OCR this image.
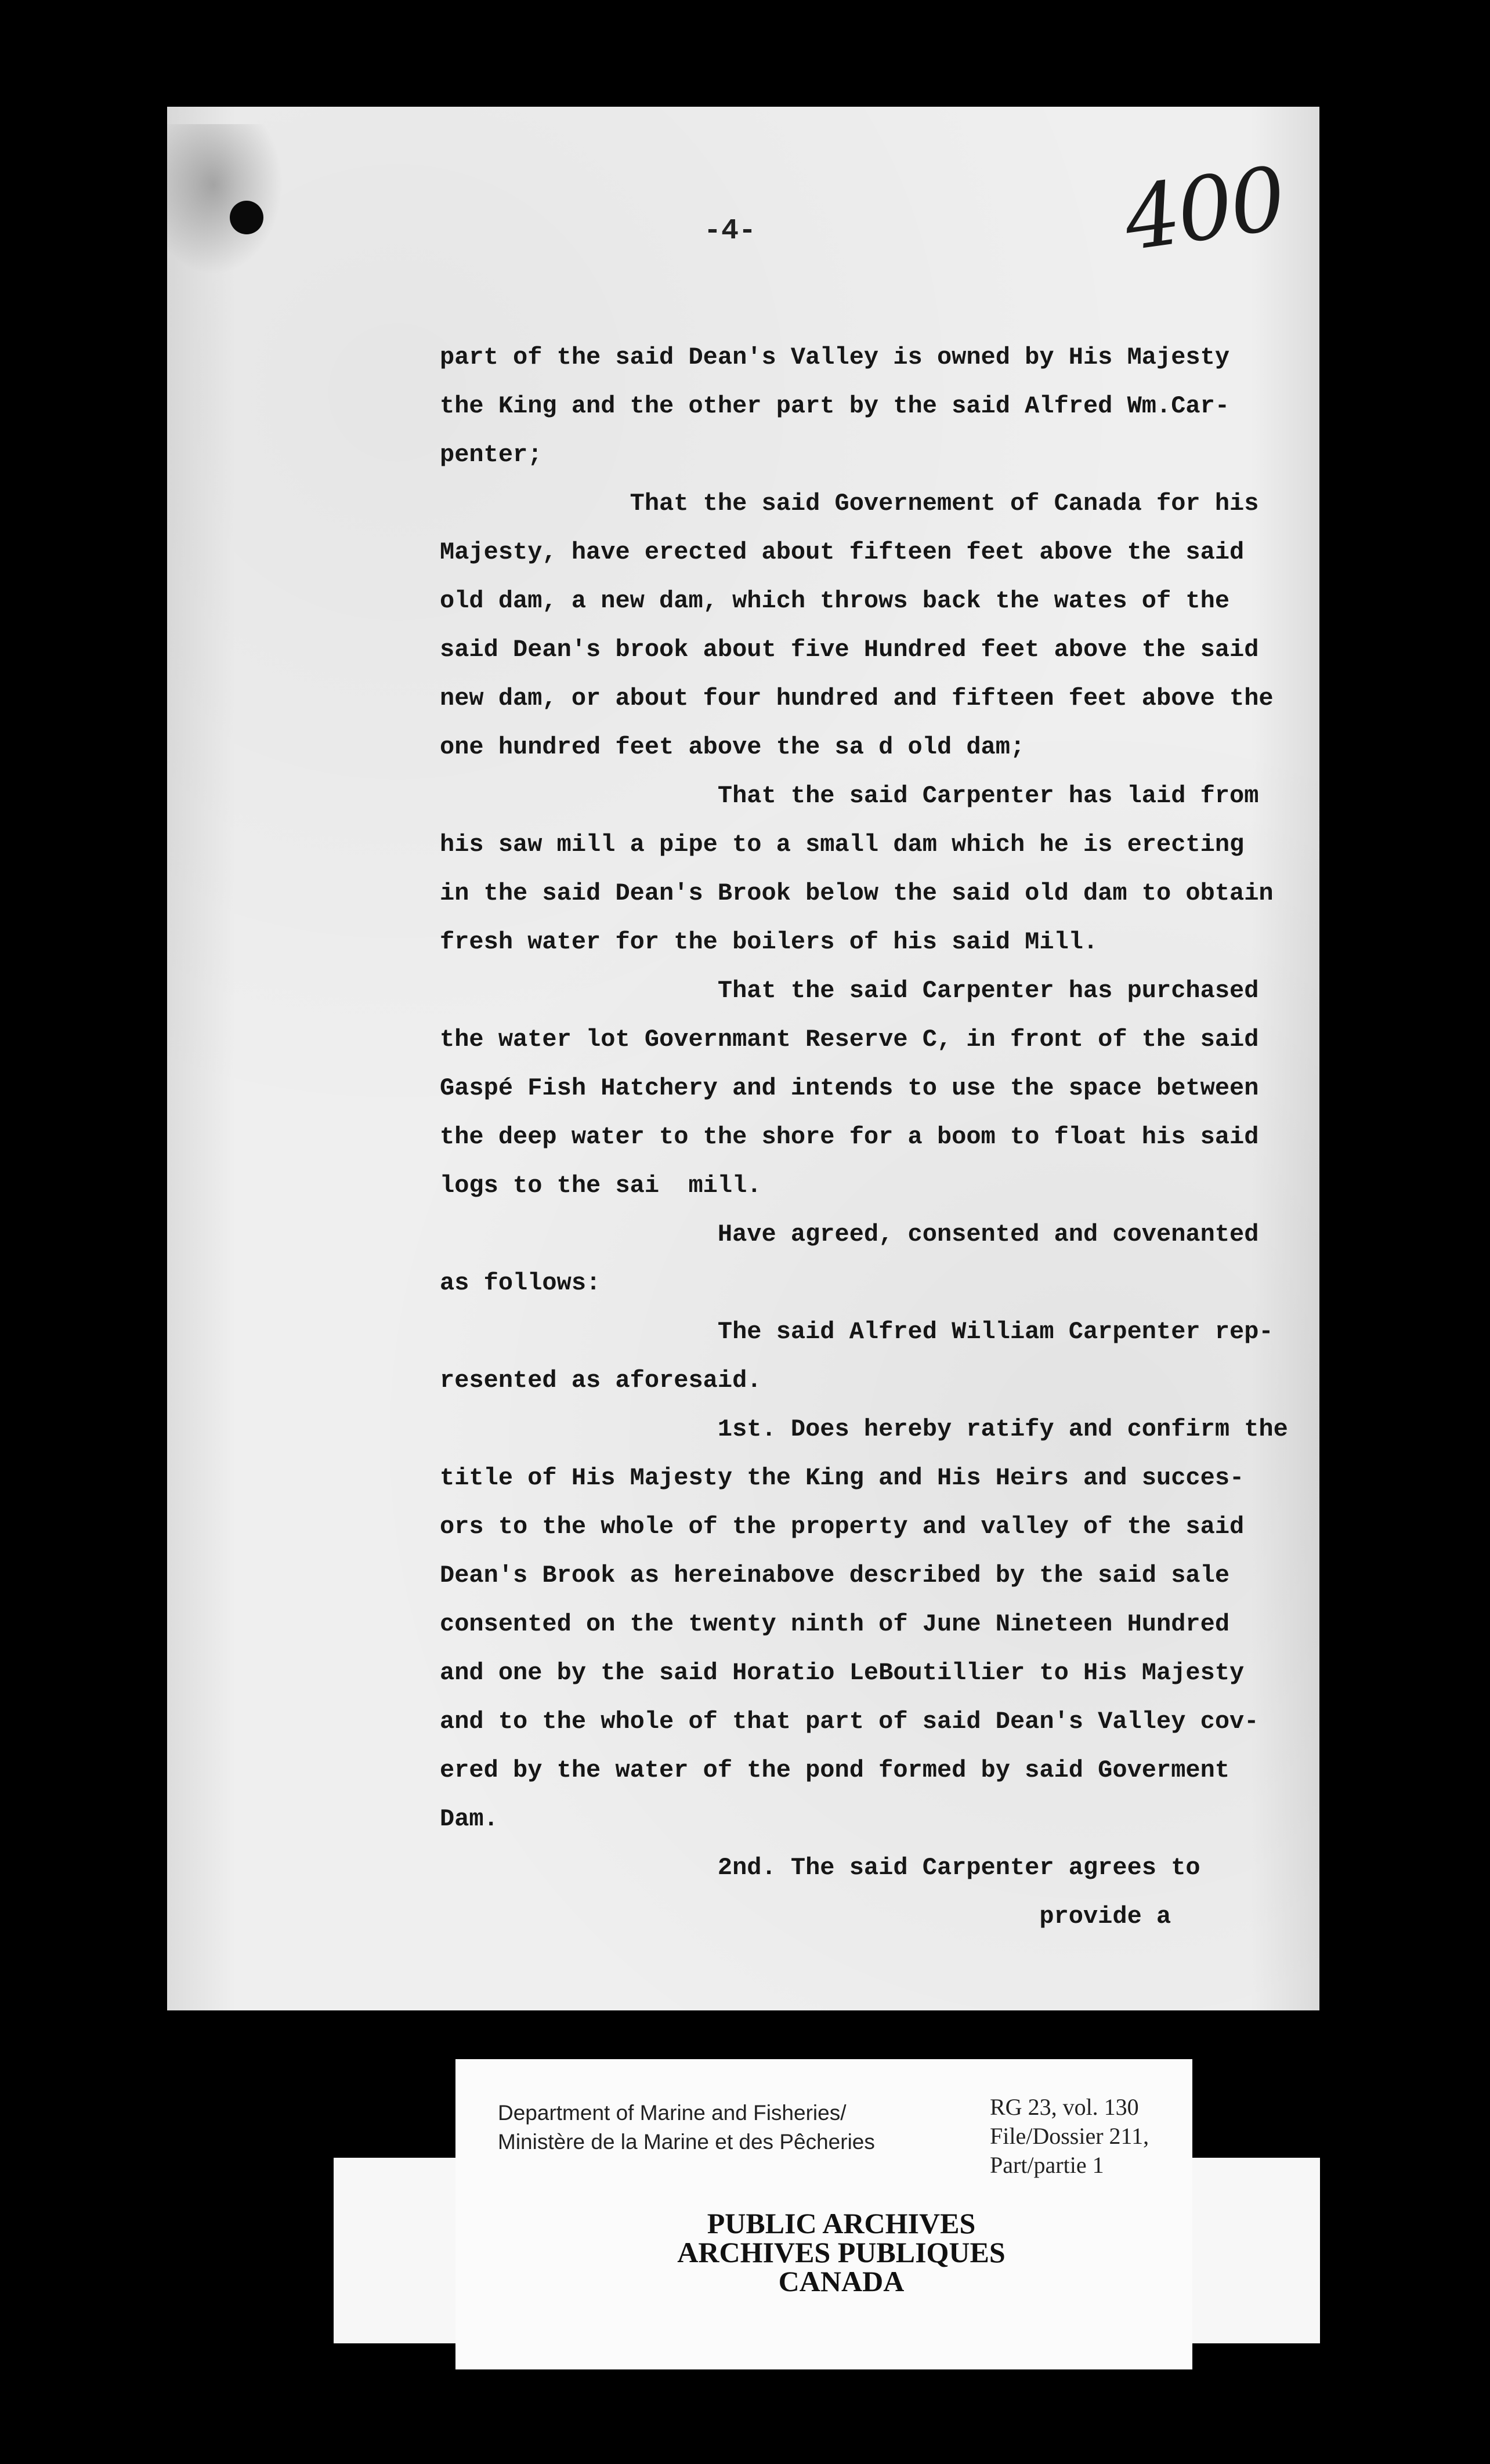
-4-	400
part of the said Dean's Valley is owned by His Majesty
the King and the other part by the said Alfred Wm.Car-
penter;
That the said Governement of Canada for his
Majesty, have erected about fifteen feet above the said
old dam, a new dam, which throws back the wates of the
said Dean's brook about five Hundred feet above the said
new dam, or about four hundred and fifteen feet above the
one hundred feet above the sa d old dam;
That the said Carpenter has laid from
his saw mill a pipe to a small dam which he is erecting
in the said Dean's Brook below the said old dam to obtain
fresh water for the boilers of his said Mill.
That the said Carpenter has purchased
the water lot Governmant Reserve C, in front of the said
Gaspé Fish Hatchery and intends to use the space between
the deep water to the shore for a boom to float his said
logs to the sai  mill.
Have agreed, consented and covenanted
as follows:
The said Alfred William Carpenter rep-
resented as aforesaid.
1st. Does hereby ratify and confirm the
title of His Majesty the King and His Heirs and succes-
ors to the whole of the property and valley of the said
Dean's Brook as hereinabove described by the said sale
consented on the twenty ninth of June Nineteen Hundred
and one by the said Horatio LeBoutillier to His Majesty
and to the whole of that part of said Dean's Valley cov-
ered by the water of the pond formed by said Goverment
Dam.
2nd. The said Carpenter agrees to
provide a
Department of Marine and Fisheries/
Ministère de la Marine et des Pêcheries
RG 23, vol. 130
File/Dossier 211,
Part/partie 1
PUBLIC ARCHIVES
ARCHIVES PUBLIQUES
CANADA
